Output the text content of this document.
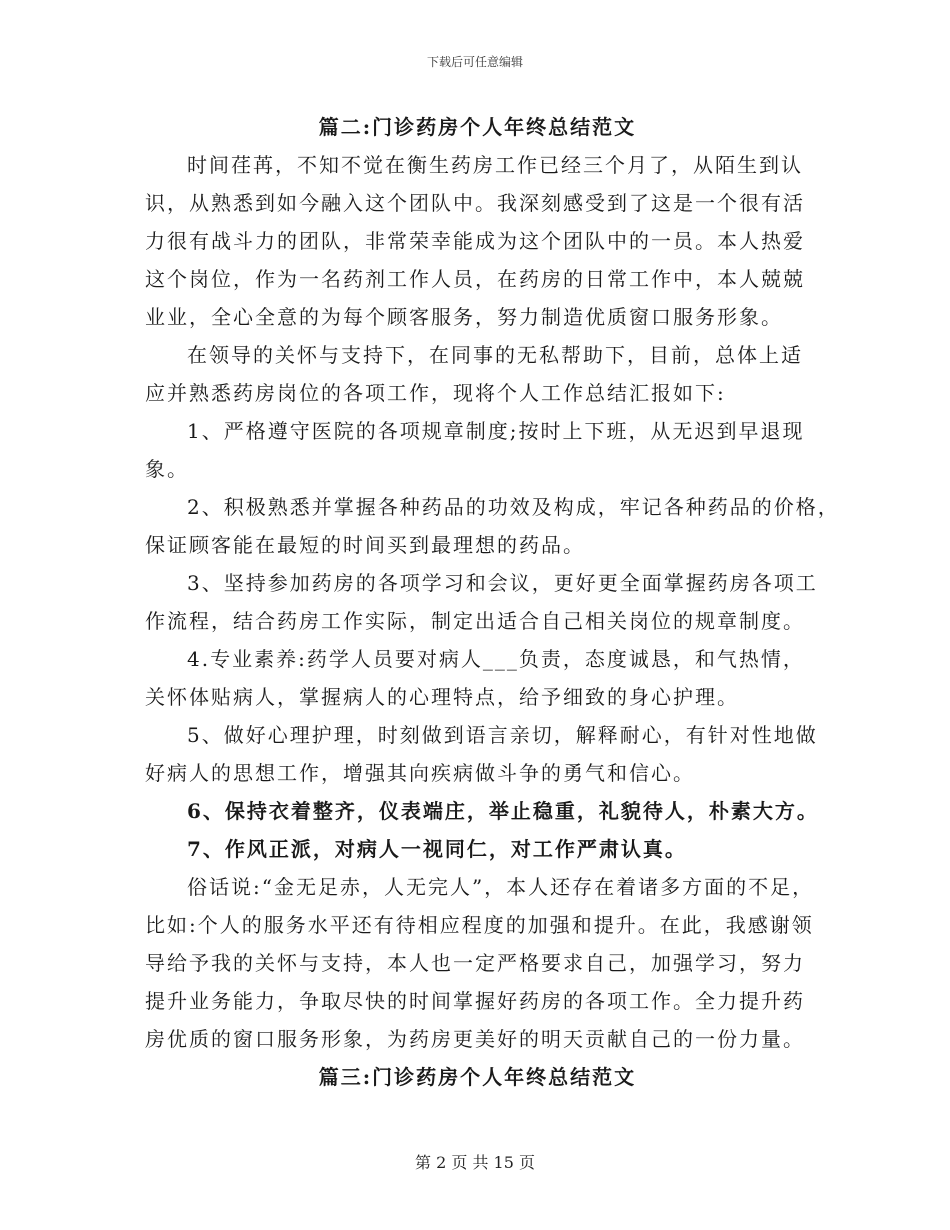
下载后可任意编辑
篇二:门诊药房个人年终总结范文
时间荏苒，不知不觉在衡生药房工作已经三个月了，从陌生到认
识，从熟悉到如今融入这个团队中。我深刻感受到了这是一个很有活
力很有战斗力的团队，非常荣幸能成为这个团队中的一员。本人热爱
这个岗位，作为一名药剂工作人员，在药房的日常工作中，本人兢兢
业业，全心全意的为每个顾客服务，努力制造优质窗口服务形象。
在领导的关怀与支持下，在同事的无私帮助下，目前，总体上适
应并熟悉药房岗位的各项工作，现将个人工作总结汇报如下:
1、严格遵守医院的各项规章制度;按时上下班，从无迟到早退现
象。
2、积极熟悉并掌握各种药品的功效及构成，牢记各种药品的价格，
保证顾客能在最短的时间买到最理想的药品。
3、坚持参加药房的各项学习和会议，更好更全面掌握药房各项工
作流程，结合药房工作实际，制定出适合自己相关岗位的规章制度。
4.专业素养:药学人员要对病人___负责，态度诚恳，和气热情，
关怀体贴病人，掌握病人的心理特点，给予细致的身心护理。
5、做好心理护理，时刻做到语言亲切，解释耐心，有针对性地做
好病人的思想工作，增强其向疾病做斗争的勇气和信心。
6、保持衣着整齐，仪表端庄，举止稳重，礼貌待人，朴素大方。
7、作风正派，对病人一视同仁，对工作严肃认真。
俗话说:“金无足赤，人无完人”，本人还存在着诸多方面的不足，
比如:个人的服务水平还有待相应程度的加强和提升。在此，我感谢领
导给予我的关怀与支持，本人也一定严格要求自己，加强学习，努力
提升业务能力，争取尽快的时间掌握好药房的各项工作。全力提升药
房优质的窗口服务形象，为药房更美好的明天贡献自己的一份力量。
篇三:门诊药房个人年终总结范文
第 2 页 共 15 页
